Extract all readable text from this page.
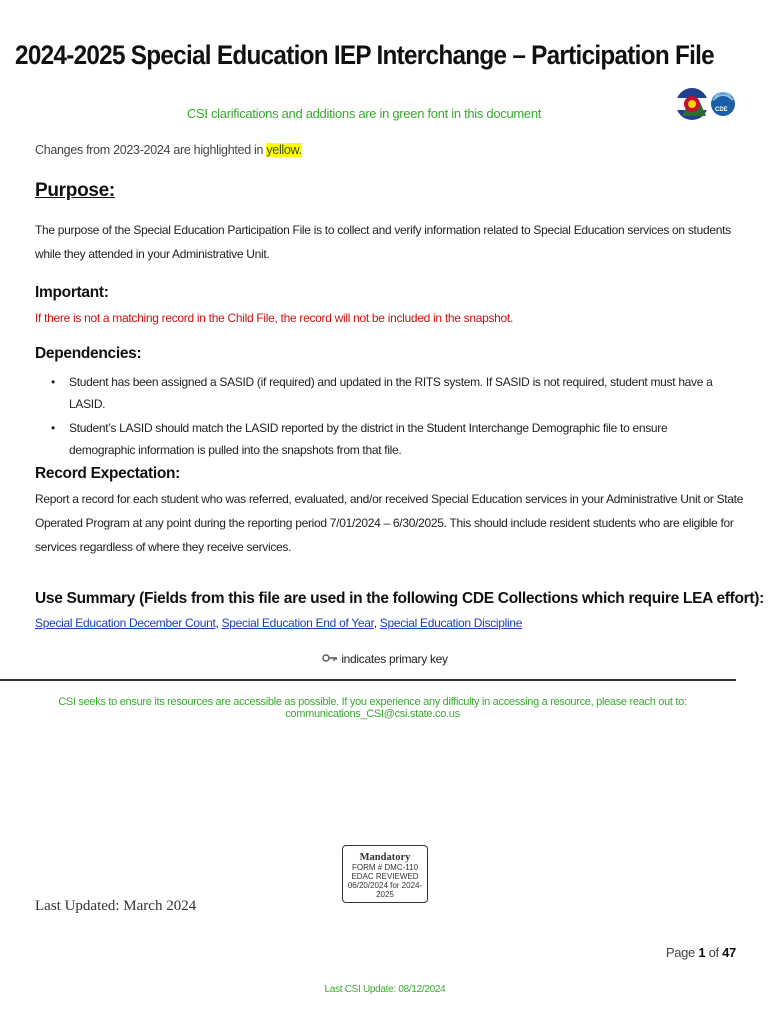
2024-2025 Special Education IEP Interchange – Participation File

CDE
CSI clarifications and additions are in green font in this document
Changes from 2023-2024 are highlighted in yellow.
Purpose:
The purpose of the Special Education Participation File is to collect and verify information related to Special Education services on students while they attended in your Administrative Unit.
Important:
If there is not a matching record in the Child File, the record will not be included in the snapshot.
Dependencies:
• Student has been assigned a SASID (if required) and updated in the RITS system. If SASID is not required, student must have a LASID.
• Student’s LASID should match the LASID reported by the district in the Student Interchange Demographic file to ensure demographic information is pulled into the snapshots from that file.
Record Expectation:
Report a record for each student who was referred, evaluated, and/or received Special Education services in your Administrative Unit or State Operated Program at any point during the reporting period 7/01/2024 – 6/30/2025. This should include resident students who are eligible for services regardless of where they receive services.
Use Summary (Fields from this file are used in the following CDE Collections which require LEA effort):
Special Education December Count, Special Education End of Year, Special Education Discipline
indicates primary key
CSI seeks to ensure its resources are accessible as possible. If you experience any difficulty in accessing a resource, please reach out to: communications_CSI@csi.state.co.us
Mandatory
FORM # DMC-110
EDAC REVIEWED
06/20/2024 for 2024-2025
Last Updated: March 2024
Page 1 of 47
Last CSI Update: 08/12/2024
